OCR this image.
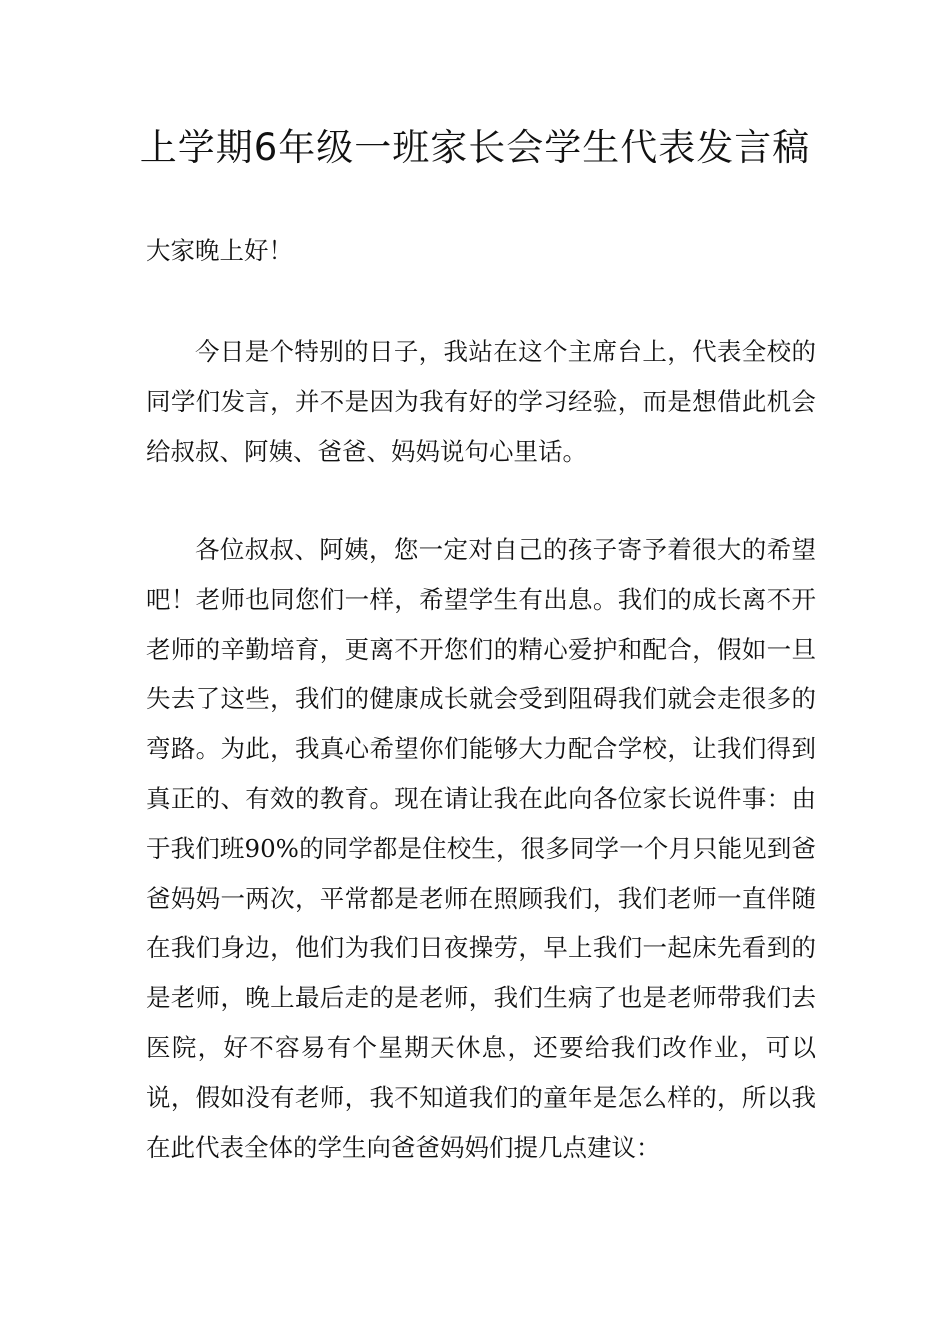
上学期6年级一班家长会学生代表发言稿

大家晚上好！

今日是个特别的日子，我站在这个主席台上，代表全校的同学们发言，并不是因为我有好的学习经验，而是想借此机会给叔叔、阿姨、爸爸、妈妈说句心里话。

各位叔叔、阿姨，您一定对自己的孩子寄予着很大的希望吧！老师也同您们一样，希望学生有出息。我们的成长离不开老师的辛勤培育，更离不开您们的精心爱护和配合，假如一旦失去了这些，我们的健康成长就会受到阻碍我们就会走很多的弯路。为此，我真心希望你们能够大力配合学校，让我们得到真正的、有效的教育。现在请让我在此向各位家长说件事：由于我们班90%的同学都是住校生，很多同学一个月只能见到爸爸妈妈一两次，平常都是老师在照顾我们，我们老师一直伴随在我们身边，他们为我们日夜操劳，早上我们一起床先看到的是老师，晚上最后走的是老师，我们生病了也是老师带我们去医院，好不容易有个星期天休息，还要给我们改作业，可以说，假如没有老师，我不知道我们的童年是怎么样的，所以我在此代表全体的学生向爸爸妈妈们提几点建议：
